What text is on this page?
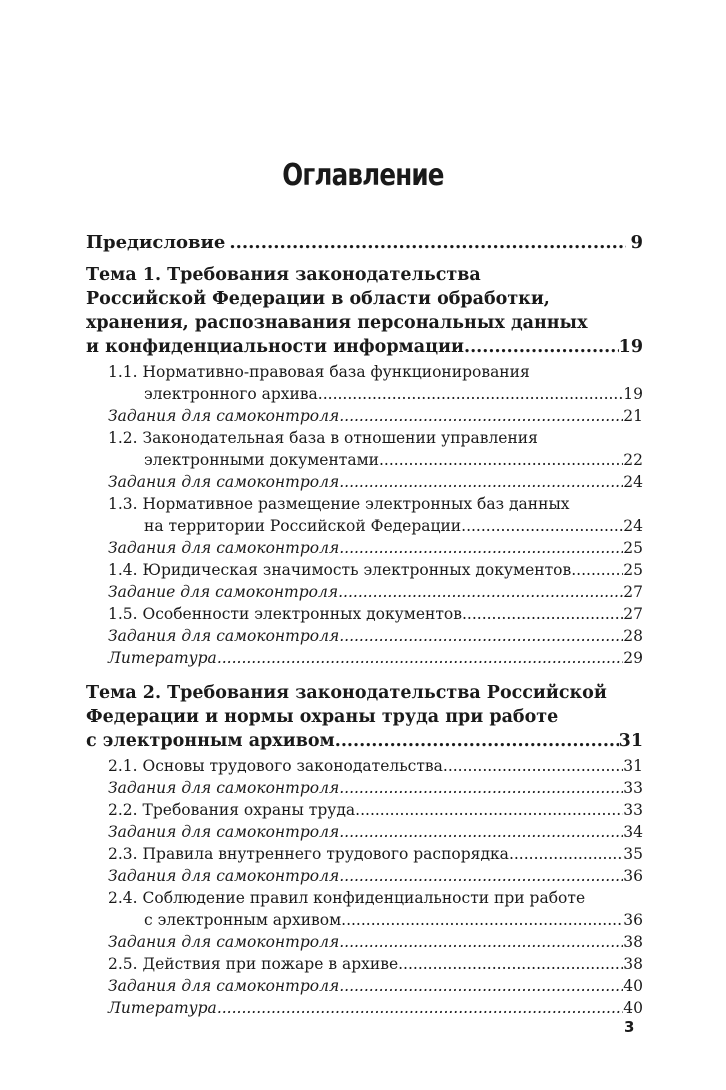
Оглавление
Предисловие .....	9
Тема 1. Требования законодательства
Российской Федерации в области обработки,
хранения, распознавания персональных данных
и конфиденциальности информации .....	19
1.1. Нормативно-правовая база функционирования
электронного архива .....	19
Задания для самоконтроля .....	21
1.2. Законодательная база в отношении управления
электронными документами .....	22
Задания для самоконтроля .....	24
1.3. Нормативное размещение электронных баз данных
на территории Российской Федерации .....	24
Задания для самоконтроля .....	25
1.4. Юридическая значимость электронных документов .....	25
Задание для самоконтроля .....	27
1.5. Особенности электронных документов .....	27
Задания для самоконтроля .....	28
Литература .....	29
Тема 2. Требования законодательства Российской
Федерации и нормы охраны труда при работе
с электронным архивом .....	31
2.1. Основы трудового законодательства .....	31
Задания для самоконтроля .....	33
2.2. Требования охраны труда .....	33
Задания для самоконтроля .....	34
2.3. Правила внутреннего трудового распорядка .....	35
Задания для самоконтроля .....	36
2.4. Соблюдение правил конфиденциальности при работе
с электронным архивом .....	36
Задания для самоконтроля .....	38
2.5. Действия при пожаре в архиве .....	38
Задания для самоконтроля .....	40
Литература .....	40
3
